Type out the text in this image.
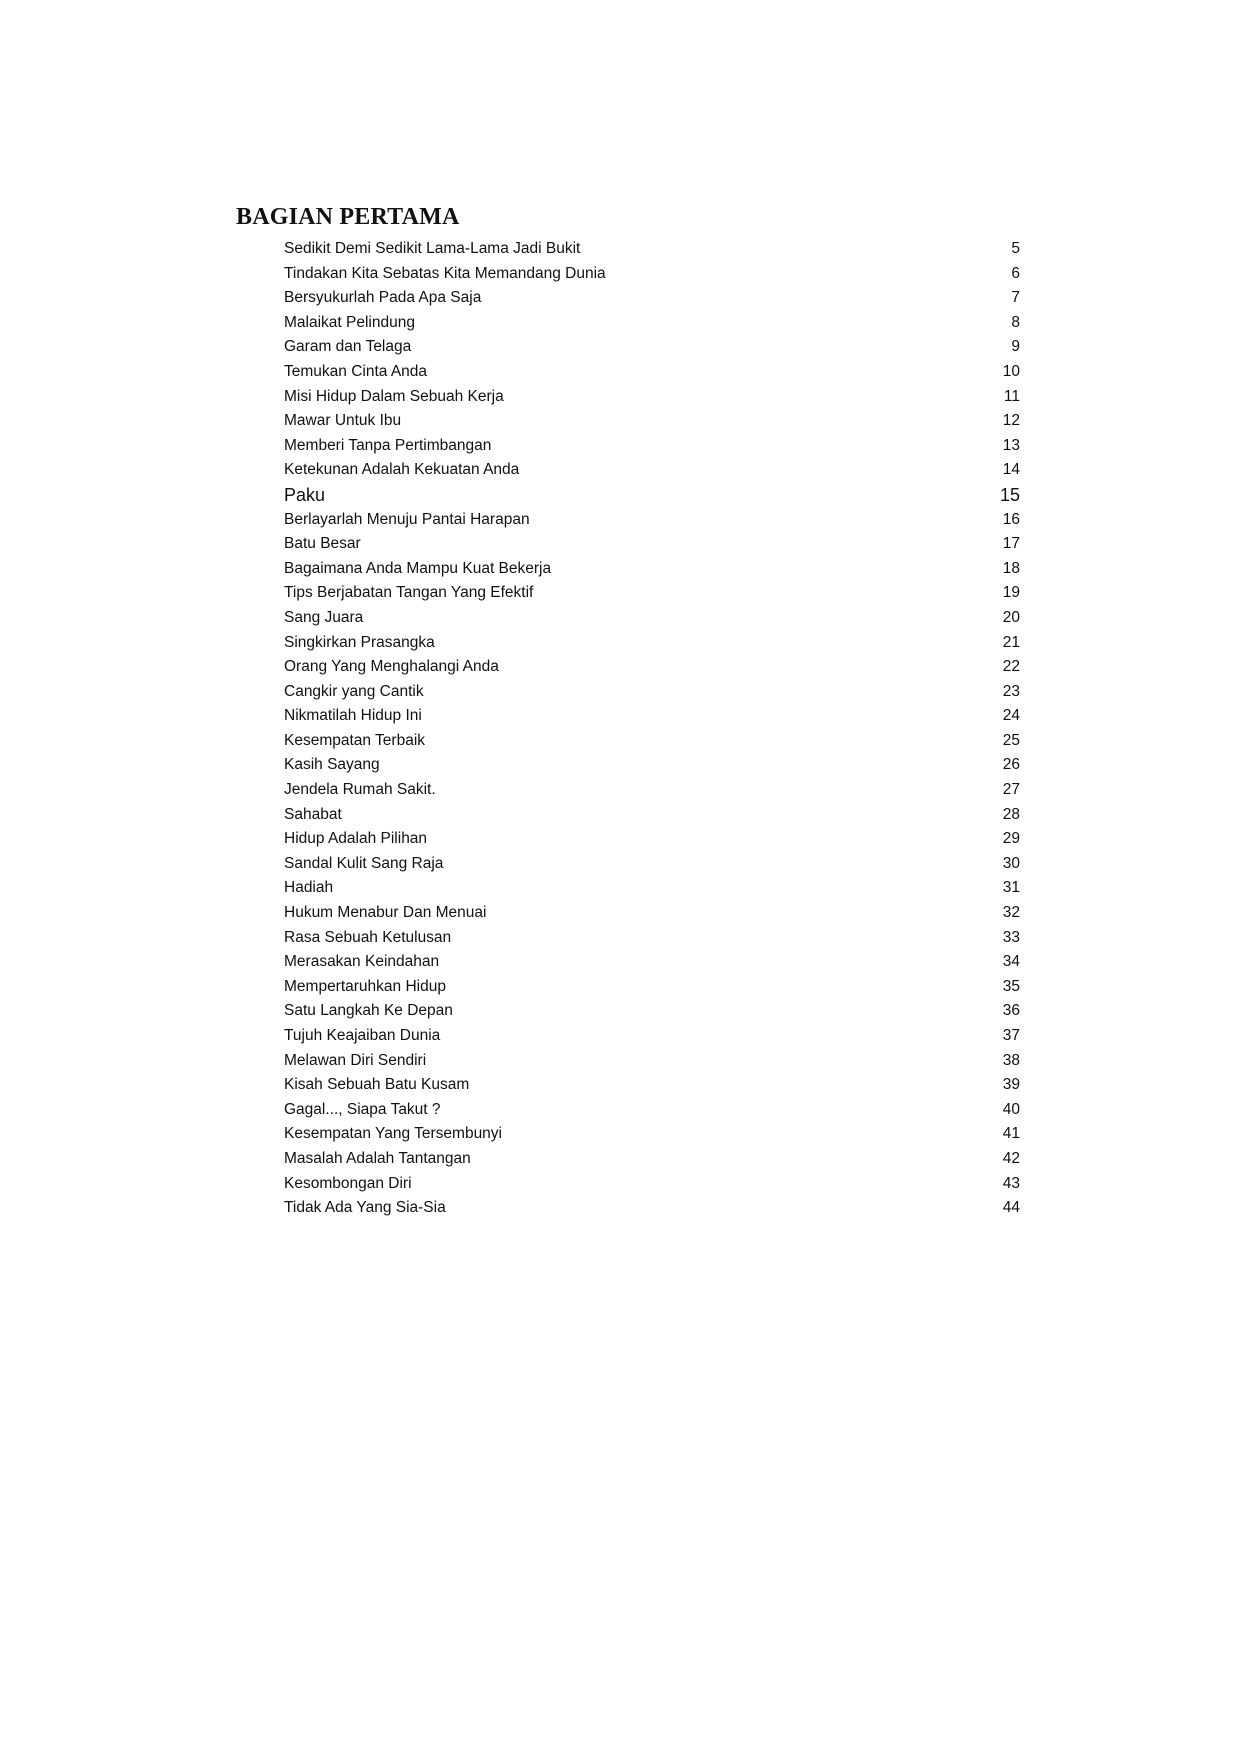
BAGIAN PERTAMA
Sedikit Demi Sedikit Lama-Lama Jadi Bukit	5
Tindakan Kita Sebatas Kita Memandang Dunia	6
Bersyukurlah Pada Apa Saja	7
Malaikat Pelindung	8
Garam dan Telaga	9
Temukan Cinta Anda	10
Misi Hidup Dalam Sebuah Kerja	11
Mawar Untuk Ibu	12
Memberi Tanpa Pertimbangan	13
Ketekunan Adalah Kekuatan Anda	14
Paku	15
Berlayarlah Menuju Pantai Harapan	16
Batu Besar	17
Bagaimana Anda Mampu Kuat Bekerja	18
Tips Berjabatan Tangan Yang Efektif	19
Sang Juara	20
Singkirkan Prasangka	21
Orang Yang Menghalangi Anda	22
Cangkir yang Cantik	23
Nikmatilah Hidup Ini	24
Kesempatan Terbaik	25
Kasih Sayang	26
Jendela Rumah Sakit.	27
Sahabat	28
Hidup Adalah Pilihan	29
Sandal Kulit Sang Raja	30
Hadiah	31
Hukum Menabur Dan Menuai	32
Rasa Sebuah Ketulusan	33
Merasakan Keindahan	34
Mempertaruhkan Hidup	35
Satu Langkah Ke Depan	36
Tujuh Keajaiban Dunia	37
Melawan Diri Sendiri	38
Kisah Sebuah Batu Kusam	39
Gagal..., Siapa Takut ?	40
Kesempatan Yang Tersembunyi	41
Masalah Adalah Tantangan	42
Kesombongan Diri	43
Tidak Ada Yang Sia-Sia	44
